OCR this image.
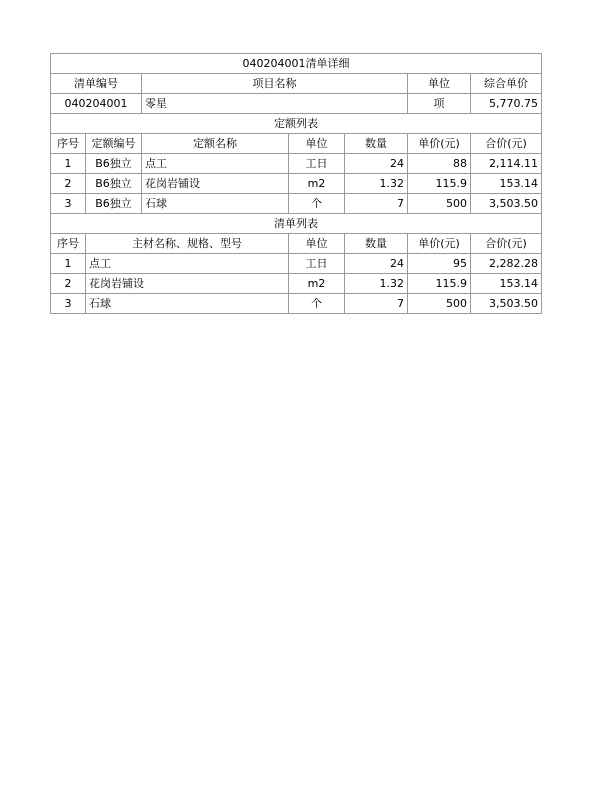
040204001清单详细						
清单编号		项目名称			单位	综合单价
040204001		零星			项	5,770.75
定额列表						
序号	定额编号	定额名称	单位	数量	单价(元)	合价(元)
1	B6独立	点工	工日	24	88	2,114.11
2	B6独立	花岗岩铺设	m2	1.32	115.9	153.14
3	B6独立	石球	个	7	500	3,503.50
清单列表						
序号	主材名称、规格、型号		单位	数量	单价(元)	合价(元)
1	点工		工日	24	95	2,282.28
2	花岗岩铺设		m2	1.32	115.9	153.14
3	石球		个	7	500	3,503.50
